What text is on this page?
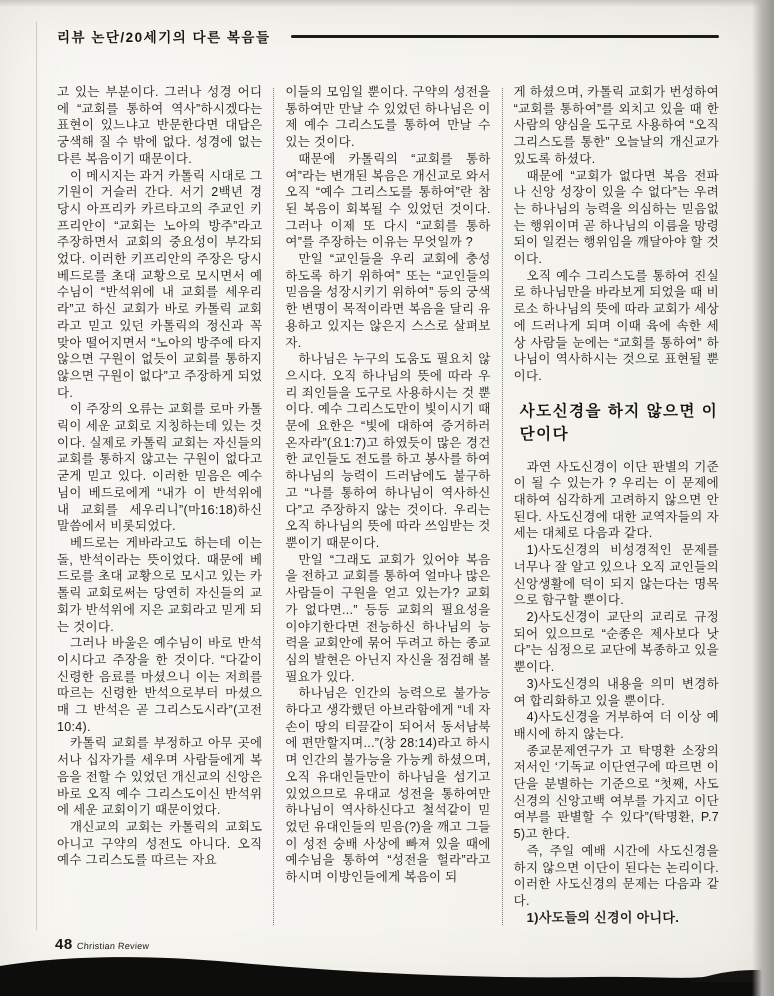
리뷰 논단/20세기의 다른 복음들

고 있는 부분이다. 그러나 성경 어디에 “교회를 통하여 역사”하시겠다는 표현이 있느냐고 반문한다면 대답은 궁색해 질 수 밖에 없다. 성경에 없는 다른 복음이기 때문이다.

이 메시지는 과거 카톨릭 시대로 그 기원이 거슬러 간다. 서기 2백년 경 당시 아프리카 카르타고의 주교인 키프리안이 “교회는 노아의 방주”라고 주장하면서 교회의 중요성이 부각되었다. 이러한 키프리안의 주장은 당시 베드로를 초대 교황으로 모시면서 예수님이 “반석위에 내 교회를 세우리라”고 하신 교회가 바로 카톨릭 교회라고 믿고 있던 카톨릭의 정신과 꼭 맞아 떨어지면서 “노아의 방주에 타지 않으면 구원이 없듯이 교회를 통하지 않으면 구원이 없다”고 주장하게 되었다.

이 주장의 오류는 교회를 로마 카톨릭이 세운 교회로 지칭하는데 있는 것이다. 실제로 카톨릭 교회는 자신들의 교회를 통하지 않고는 구원이 없다고 굳게 믿고 있다. 이러한 믿음은 예수님이 베드로에게 “내가 이 반석위에 내 교회를 세우리니”(마16:18)하신 말씀에서 비롯되었다.

베드로는 게바라고도 하는데 이는 돌, 반석이라는 뜻이었다. 때문에 베드로를 초대 교황으로 모시고 있는 카톨릭 교회로써는 당연히 자신들의 교회가 반석위에 지은 교회라고 믿게 되는 것이다.

그러나 바울은 예수님이 바로 반석이시다고 주장을 한 것이다. “다같이 신령한 음료를 마셨으니 이는 저희를 따르는 신령한 반석으로부터 마셨으매 그 반석은 곧 그리스도시라”(고전 10:4).

카톨릭 교회를 부정하고 아무 곳에서나 십자가를 세우며 사람들에게 복음을 전할 수 있었던 개신교의 신앙은 바로 오직 예수 그리스도이신 반석위에 세운 교회이기 때문이었다.

개신교의 교회는 카톨릭의 교회도 아니고 구약의 성전도 아니다. 오직 예수 그리스도를 따르는 자요

이들의 모임일 뿐이다. 구약의 성전을 통하여만 만날 수 있었던 하나님은 이제 예수 그리스도를 통하여 만날 수 있는 것이다.

때문에 카톨릭의 “교회를 통하여”라는 변개된 복음은 개신교로 와서 오직 “예수 그리스도를 통하여”란 참된 복음이 회복될 수 있었던 것이다. 그러나 이제 또 다시 “교회를 통하여”를 주장하는 이유는 무엇일까 ?

만일 “교인들을 우리 교회에 충성하도록 하기 위하여” 또는 “교인들의 믿음을 성장시키기 위하여” 등의 궁색한 변명이 목적이라면 복음을 달리 유용하고 있지는 않은지 스스로 살펴보자.

하나님은 누구의 도움도 필요치 않으시다. 오직 하나님의 뜻에 따라 우리 죄인들을 도구로 사용하시는 것 뿐이다. 예수 그리스도만이 빛이시기 때문에 요한은 “빛에 대하여 증거하러 온자라”(요1:7)고 하였듯이 많은 경건한 교인들도 전도를 하고 봉사를 하여 하나님의 능력이 드러남에도 불구하고 “나를 통하여 하나님이 역사하신다”고 주장하지 않는 것이다. 우리는 오직 하나님의 뜻에 따라 쓰임받는 것 뿐이기 때문이다.

만일 “그래도 교회가 있어야 복음을 전하고 교회를 통하여 얼마나 많은 사람들이 구원을 얻고 있는가? 교회가 없다면...” 등등 교회의 필요성을 이야기한다면 전능하신 하나님의 능력을 교회안에 묶어 두려고 하는 종교심의 발현은 아닌지 자신을 점검해 볼 필요가 있다.

하나님은 인간의 능력으로 불가능하다고 생각했던 아브라함에게 “네 자손이 땅의 티끌같이 되어서 동서남북에 편만할지며...”(창 28:14)라고 하시며 인간의 불가능을 가능케 하셨으며, 오직 유대인들만이 하나님을 섬기고 있었으므로 유대교 성전을 통하여만 하나님이 역사하신다고 철석같이 믿었던 유대인들의 믿음(?)을 깨고 그들이 성전 숭배 사상에 빠져 있을 때에 예수님을 통하여 “성전을 헐라”라고 하시며 이방인들에게 복음이 되

게 하셨으며, 카톨릭 교회가 번성하여 “교회를 통하여”를 외치고 있을 때 한 사람의 양심을 도구로 사용하여 “오직 그리스도를 통한” 오늘날의 개신교가 있도록 하셨다.

때문에 “교회가 없다면 복음 전파나 신앙 성장이 있을 수 없다”는 우려는 하나님의 능력을 의심하는 믿음없는 행위이며 곧 하나님의 이름을 망령되이 일컫는 행위임을 깨달아야 할 것이다.

오직 예수 그리스도를 통하여 진실로 하나님만을 바라보게 되었을 때 비로소 하나님의 뜻에 따라 교회가 세상에 드러나게 되며 이때 육에 속한 세상 사람들 눈에는 “교회를 통하여” 하나님이 역사하시는 것으로 표현될 뿐이다.

사도신경을 하지 않으면 이단이다

과연 사도신경이 이단 판별의 기준이 될 수 있는가 ? 우리는 이 문제에 대하여 심각하게 고려하지 않으면 안된다. 사도신경에 대한 교역자들의 자세는 대체로 다음과 같다.

1)사도신경의 비성경적인 문제를 너무나 잘 알고 있으나 오직 교인들의 신앙생활에 덕이 되지 않는다는 명목으로 함구할 뿐이다.

2)사도신경이 교단의 교리로 규정되어 있으므로 “순종은 제사보다 낫다”는 심정으로 교단에 복종하고 있을 뿐이다.

3)사도신경의 내용을 의미 변경하여 합리화하고 있을 뿐이다.

4)사도신경을 거부하여 더 이상 예배시에 하지 않는다.

종교문제연구가 고 탁명환 소장의 저서인 ‘기독교 이단연구에 따르면 이단을 분별하는 기준으로 “첫째, 사도신경의 신앙고백 여부를 가지고 이단 여부를 판별할 수 있다”(탁명환, P.75)고 한다.

즉, 주일 예배 시간에 사도신경을 하지 않으면 이단이 된다는 논리이다. 이러한 사도신경의 문제는 다음과 같다.

1)사도들의 신경이 아니다.

48 Christian Review
